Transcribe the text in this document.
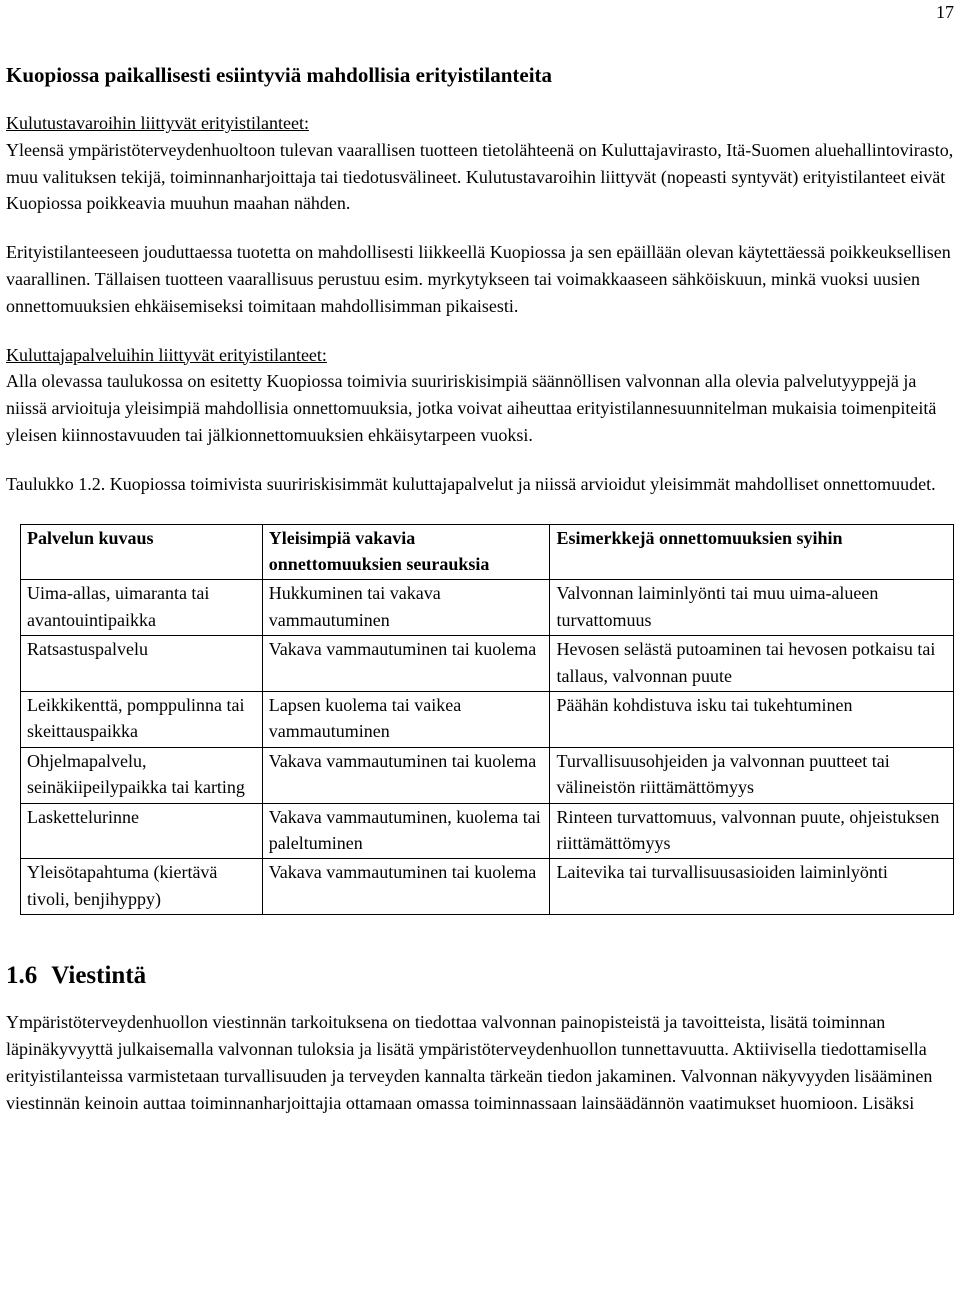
17
Kuopiossa paikallisesti esiintyviä mahdollisia erityistilanteita
Kulutustavaroihin liittyvät erityistilanteet:

Yleensä ympäristöterveydenhuoltoon tulevan vaarallisen tuotteen tietolähteenä on Kuluttajavirasto, Itä-Suomen aluehallintovirasto, muu valituksen tekijä, toiminnanharjoittaja tai tiedotusvälineet. Kulutustavaroihin liittyvät (nopeasti syntyvät) erityistilanteet eivät Kuopiossa poikkeavia muuhun maahan nähden.

Erityistilanteeseen jouduttaessa tuotetta on mahdollisesti liikkeellä Kuopiossa ja sen epäillään olevan käytettäessä poikkeuksellisen vaarallinen. Tällaisen tuotteen vaarallisuus perustuu esim. myrkytykseen tai voimakkaaseen sähköiskuun, minkä vuoksi uusien onnettomuuksien ehkäisemiseksi toimitaan mahdollisimman pikaisesti.

Kuluttajapalveluihin liittyvät erityistilanteet:

Alla olevassa taulukossa on esitetty Kuopiossa toimivia suuririskisimpiä säännöllisen valvonnan alla olevia palvelutyyppejä ja niissä arvioituja yleisimpiä mahdollisia onnettomuuksia, jotka voivat aiheuttaa erityistilannesuunnitelman mukaisia toimenpiteitä yleisen kiinnostavuuden tai jälkionnettomuuksien ehkäisytarpeen vuoksi.

Taulukko 1.2. Kuopiossa toimivista suuririskisimmät kuluttajapalvelut ja niissä arvioidut yleisimmät mahdolliset onnettomuudet.

Palvelun kuvaus	Yleisimpiä vakavia onnettomuuksien seurauksia	Esimerkkejä onnettomuuksien syihin
Uima-allas, uimaranta tai avantouintipaikka	Hukkuminen tai vakava vammautuminen	Valvonnan laiminlyönti tai muu uima-alueen turvattomuus
Ratsastuspalvelu	Vakava vammautuminen tai kuolema	Hevosen selästä putoaminen tai hevosen potkaisu tai tallaus, valvonnan puute
Leikkikenttä, pomppulinna tai skeittauspaikka	Lapsen kuolema tai vaikea vammautuminen	Päähän kohdistuva isku tai tukehtuminen
Ohjelmapalvelu, seinäkiipeilypaikka tai karting	Vakava vammautuminen tai kuolema	Turvallisuusohjeiden ja valvonnan puutteet tai välineistön riittämättömyys
Laskettelurinne	Vakava vammautuminen, kuolema tai paleltuminen	Rinteen turvattomuus, valvonnan puute, ohjeistuksen riittämättömyys
Yleisötapahtuma (kiertävä tivoli, benjihyppy)	Vakava vammautuminen tai kuolema	Laitevika tai turvallisuusasioiden laiminlyönti
1.6 Viestintä

Ympäristöterveydenhuollon viestinnän tarkoituksena on tiedottaa valvonnan painopisteistä ja tavoitteista, lisätä toiminnan läpinäkyvyyttä julkaisemalla valvonnan tuloksia ja lisätä ympäristöterveydenhuollon tunnettavuutta. Aktiivisella tiedottamisella erityistilanteissa varmistetaan turvallisuuden ja terveyden kannalta tärkeän tiedon jakaminen. Valvonnan näkyvyyden lisääminen viestinnän keinoin auttaa toiminnanharjoittajia ottamaan omassa toiminnassaan lainsäädännön vaatimukset huomioon. Lisäksi
